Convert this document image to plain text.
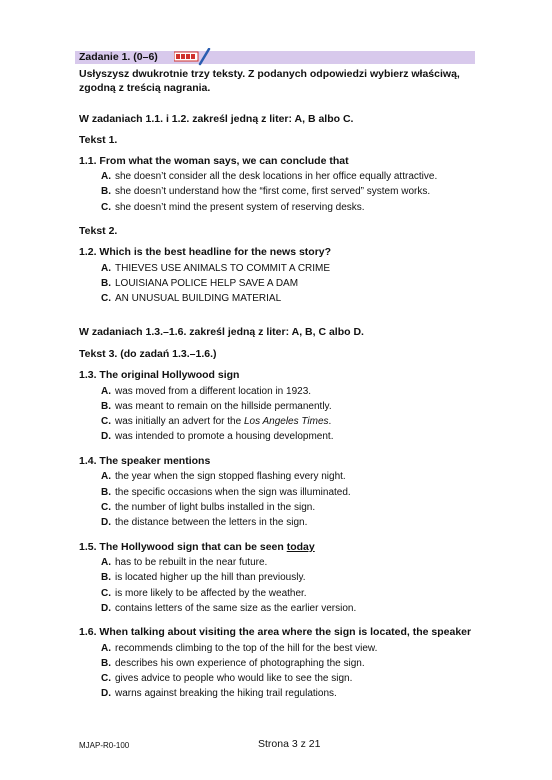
Zadanie 1. (0–6)
Usłyszysz dwukrotnie trzy teksty. Z podanych odpowiedzi wybierz właściwą, zgodną z treścią nagrania.
W zadaniach 1.1. i 1.2. zakreśl jedną z liter: A, B albo C.
Tekst 1.
1.1. From what the woman says, we can conclude that
A. she doesn’t consider all the desk locations in her office equally attractive.
B. she doesn’t understand how the “first come, first served” system works.
C. she doesn’t mind the present system of reserving desks.
Tekst 2.
1.2. Which is the best headline for the news story?
A. THIEVES USE ANIMALS TO COMMIT A CRIME
B. LOUISIANA POLICE HELP SAVE A DAM
C. AN UNUSUAL BUILDING MATERIAL
W zadaniach 1.3.–1.6. zakreśl jedną z liter: A, B, C albo D.
Tekst 3. (do zadań 1.3.–1.6.)
1.3. The original Hollywood sign
A. was moved from a different location in 1923.
B. was meant to remain on the hillside permanently.
C. was initially an advert for the Los Angeles Times.
D. was intended to promote a housing development.
1.4. The speaker mentions
A. the year when the sign stopped flashing every night.
B. the specific occasions when the sign was illuminated.
C. the number of light bulbs installed in the sign.
D. the distance between the letters in the sign.
1.5. The Hollywood sign that can be seen today
A. has to be rebuilt in the near future.
B. is located higher up the hill than previously.
C. is more likely to be affected by the weather.
D. contains letters of the same size as the earlier version.
1.6. When talking about visiting the area where the sign is located, the speaker
A. recommends climbing to the top of the hill for the best view.
B. describes his own experience of photographing the sign.
C. gives advice to people who would like to see the sign.
D. warns against breaking the hiking trail regulations.
MJAP-R0-100	Strona 3 z 21
